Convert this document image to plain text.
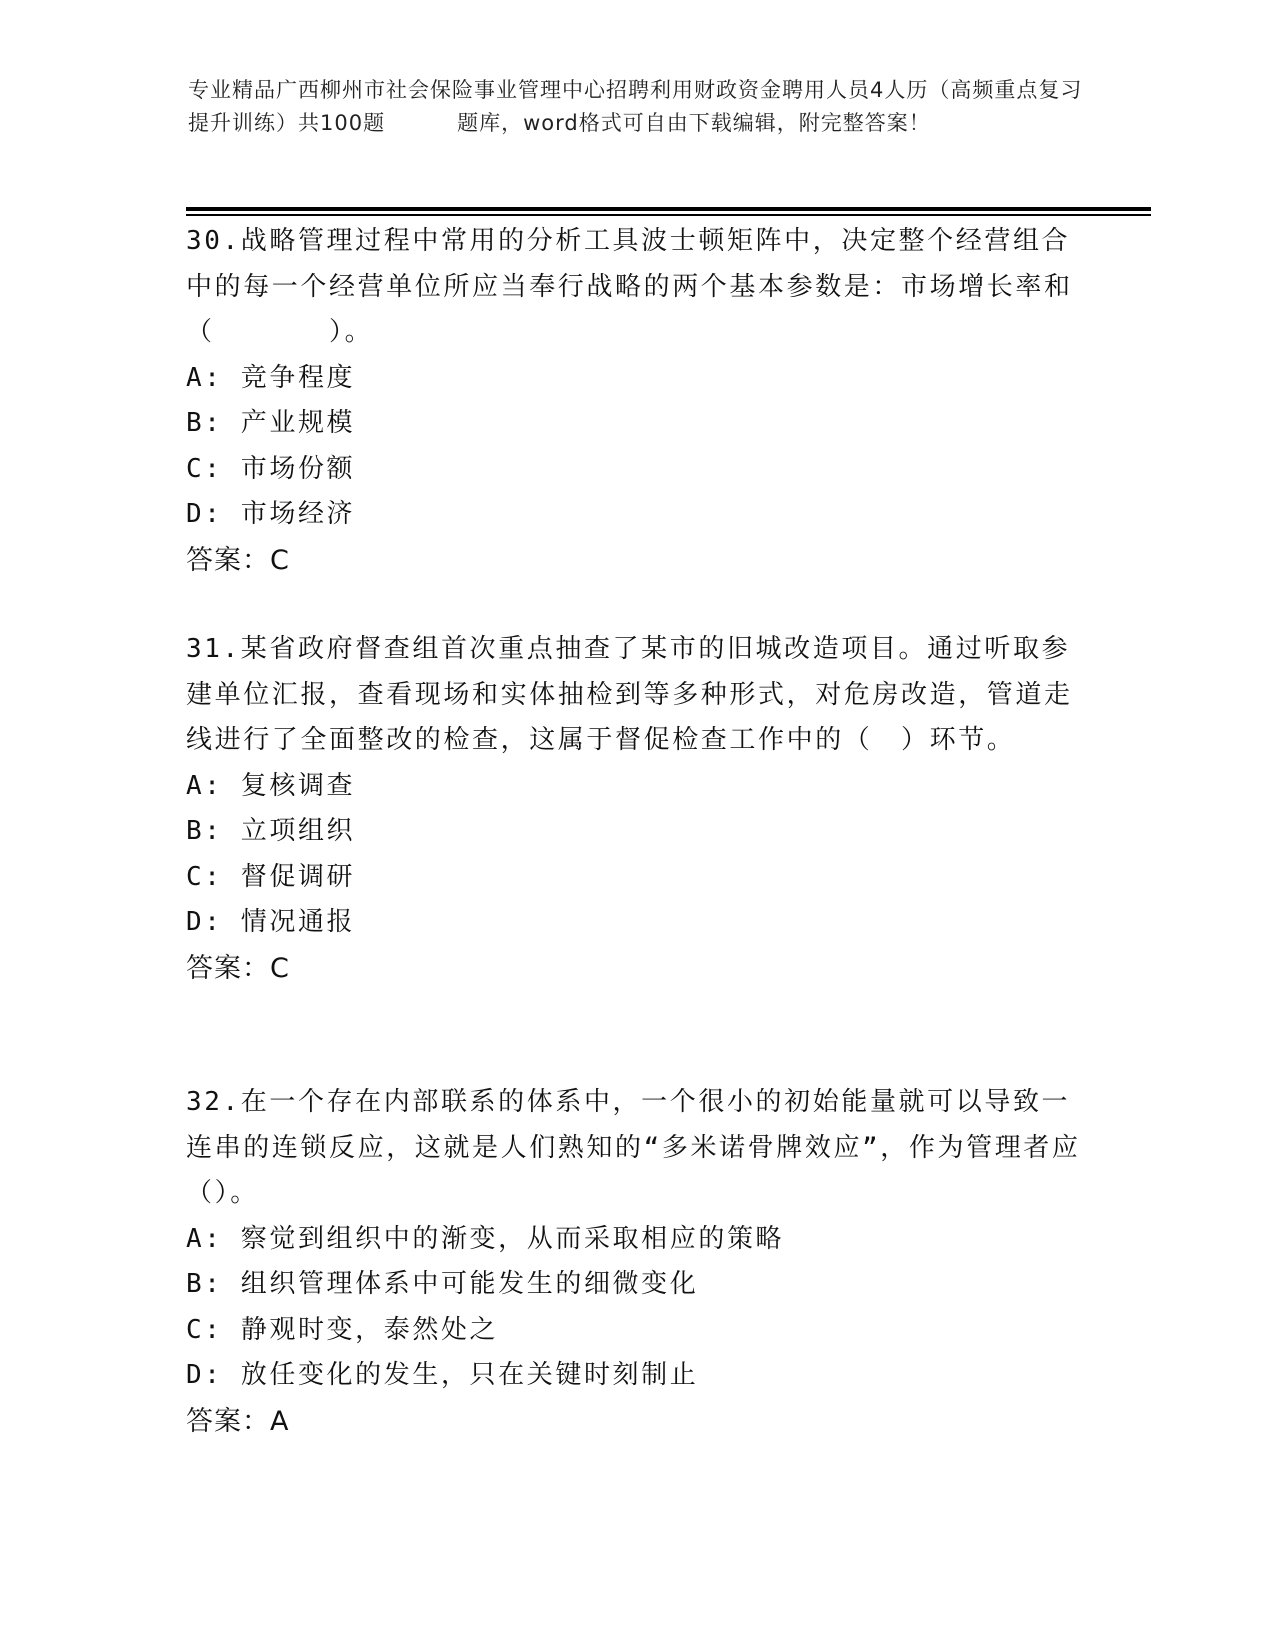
专业精品广西柳州市社会保险事业管理中心招聘利用财政资金聘用人员4人历（高频重点复习提升训练）共100题	题库，word格式可自由下载编辑，附完整答案！
30.战略管理过程中常用的分析工具波士顿矩阵中，决定整个经营组合中的每一个经营单位所应当奉行战略的两个基本参数是：市场增长率和（　　　　）。
A: 竞争程度
B: 产业规模
C: 市场份额
D: 市场经济
答案：C
31.某省政府督查组首次重点抽查了某市的旧城改造项目。通过听取参建单位汇报，查看现场和实体抽检到等多种形式，对危房改造，管道走线进行了全面整改的检查，这属于督促检查工作中的（　）环节。
A: 复核调查
B: 立项组织
C: 督促调研
D: 情况通报
答案：C
32.在一个存在内部联系的体系中，一个很小的初始能量就可以导致一连串的连锁反应，这就是人们熟知的“多米诺骨牌效应”，作为管理者应（）。
A: 察觉到组织中的渐变，从而采取相应的策略
B: 组织管理体系中可能发生的细微变化
C: 静观时变，泰然处之
D: 放任变化的发生，只在关键时刻制止
答案：A
